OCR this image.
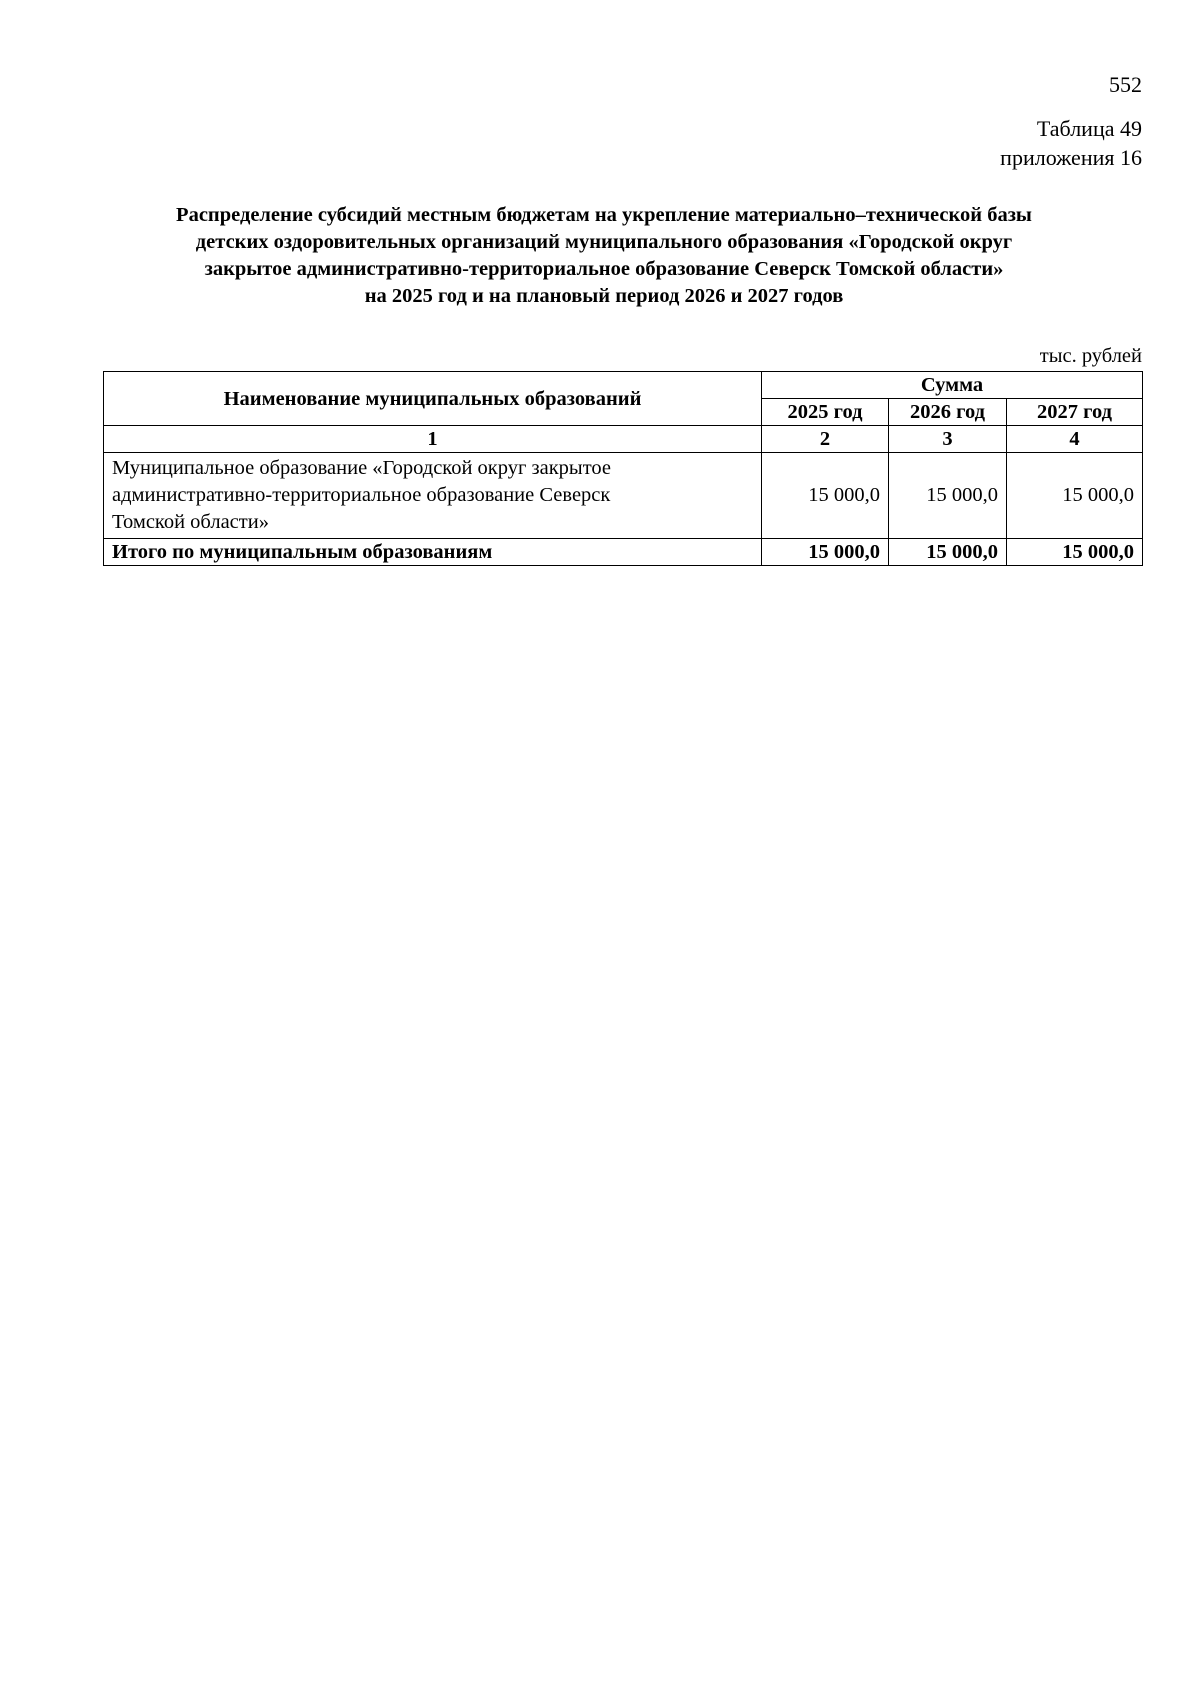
552
Таблица 49
приложения 16
Распределение субсидий местным бюджетам на укрепление материально–технической базы
детских оздоровительных организаций муниципального образования «Городской округ
закрытое административно-территориальное образование Северск Томской области»
на 2025 год и на плановый период 2026 и 2027 годов
тыс. рублей
Наименование муниципальных образований	Сумма		
	2025 год	2026 год	2027 год
1	2	3	4

Муниципальное образование «Городской округ закрытое
административно-территориальное образование Северск
Томской области»	15 000,0	15 000,0	15 000,0
Итого по муниципальным образованиям	15 000,0	15 000,0	15 000,0
